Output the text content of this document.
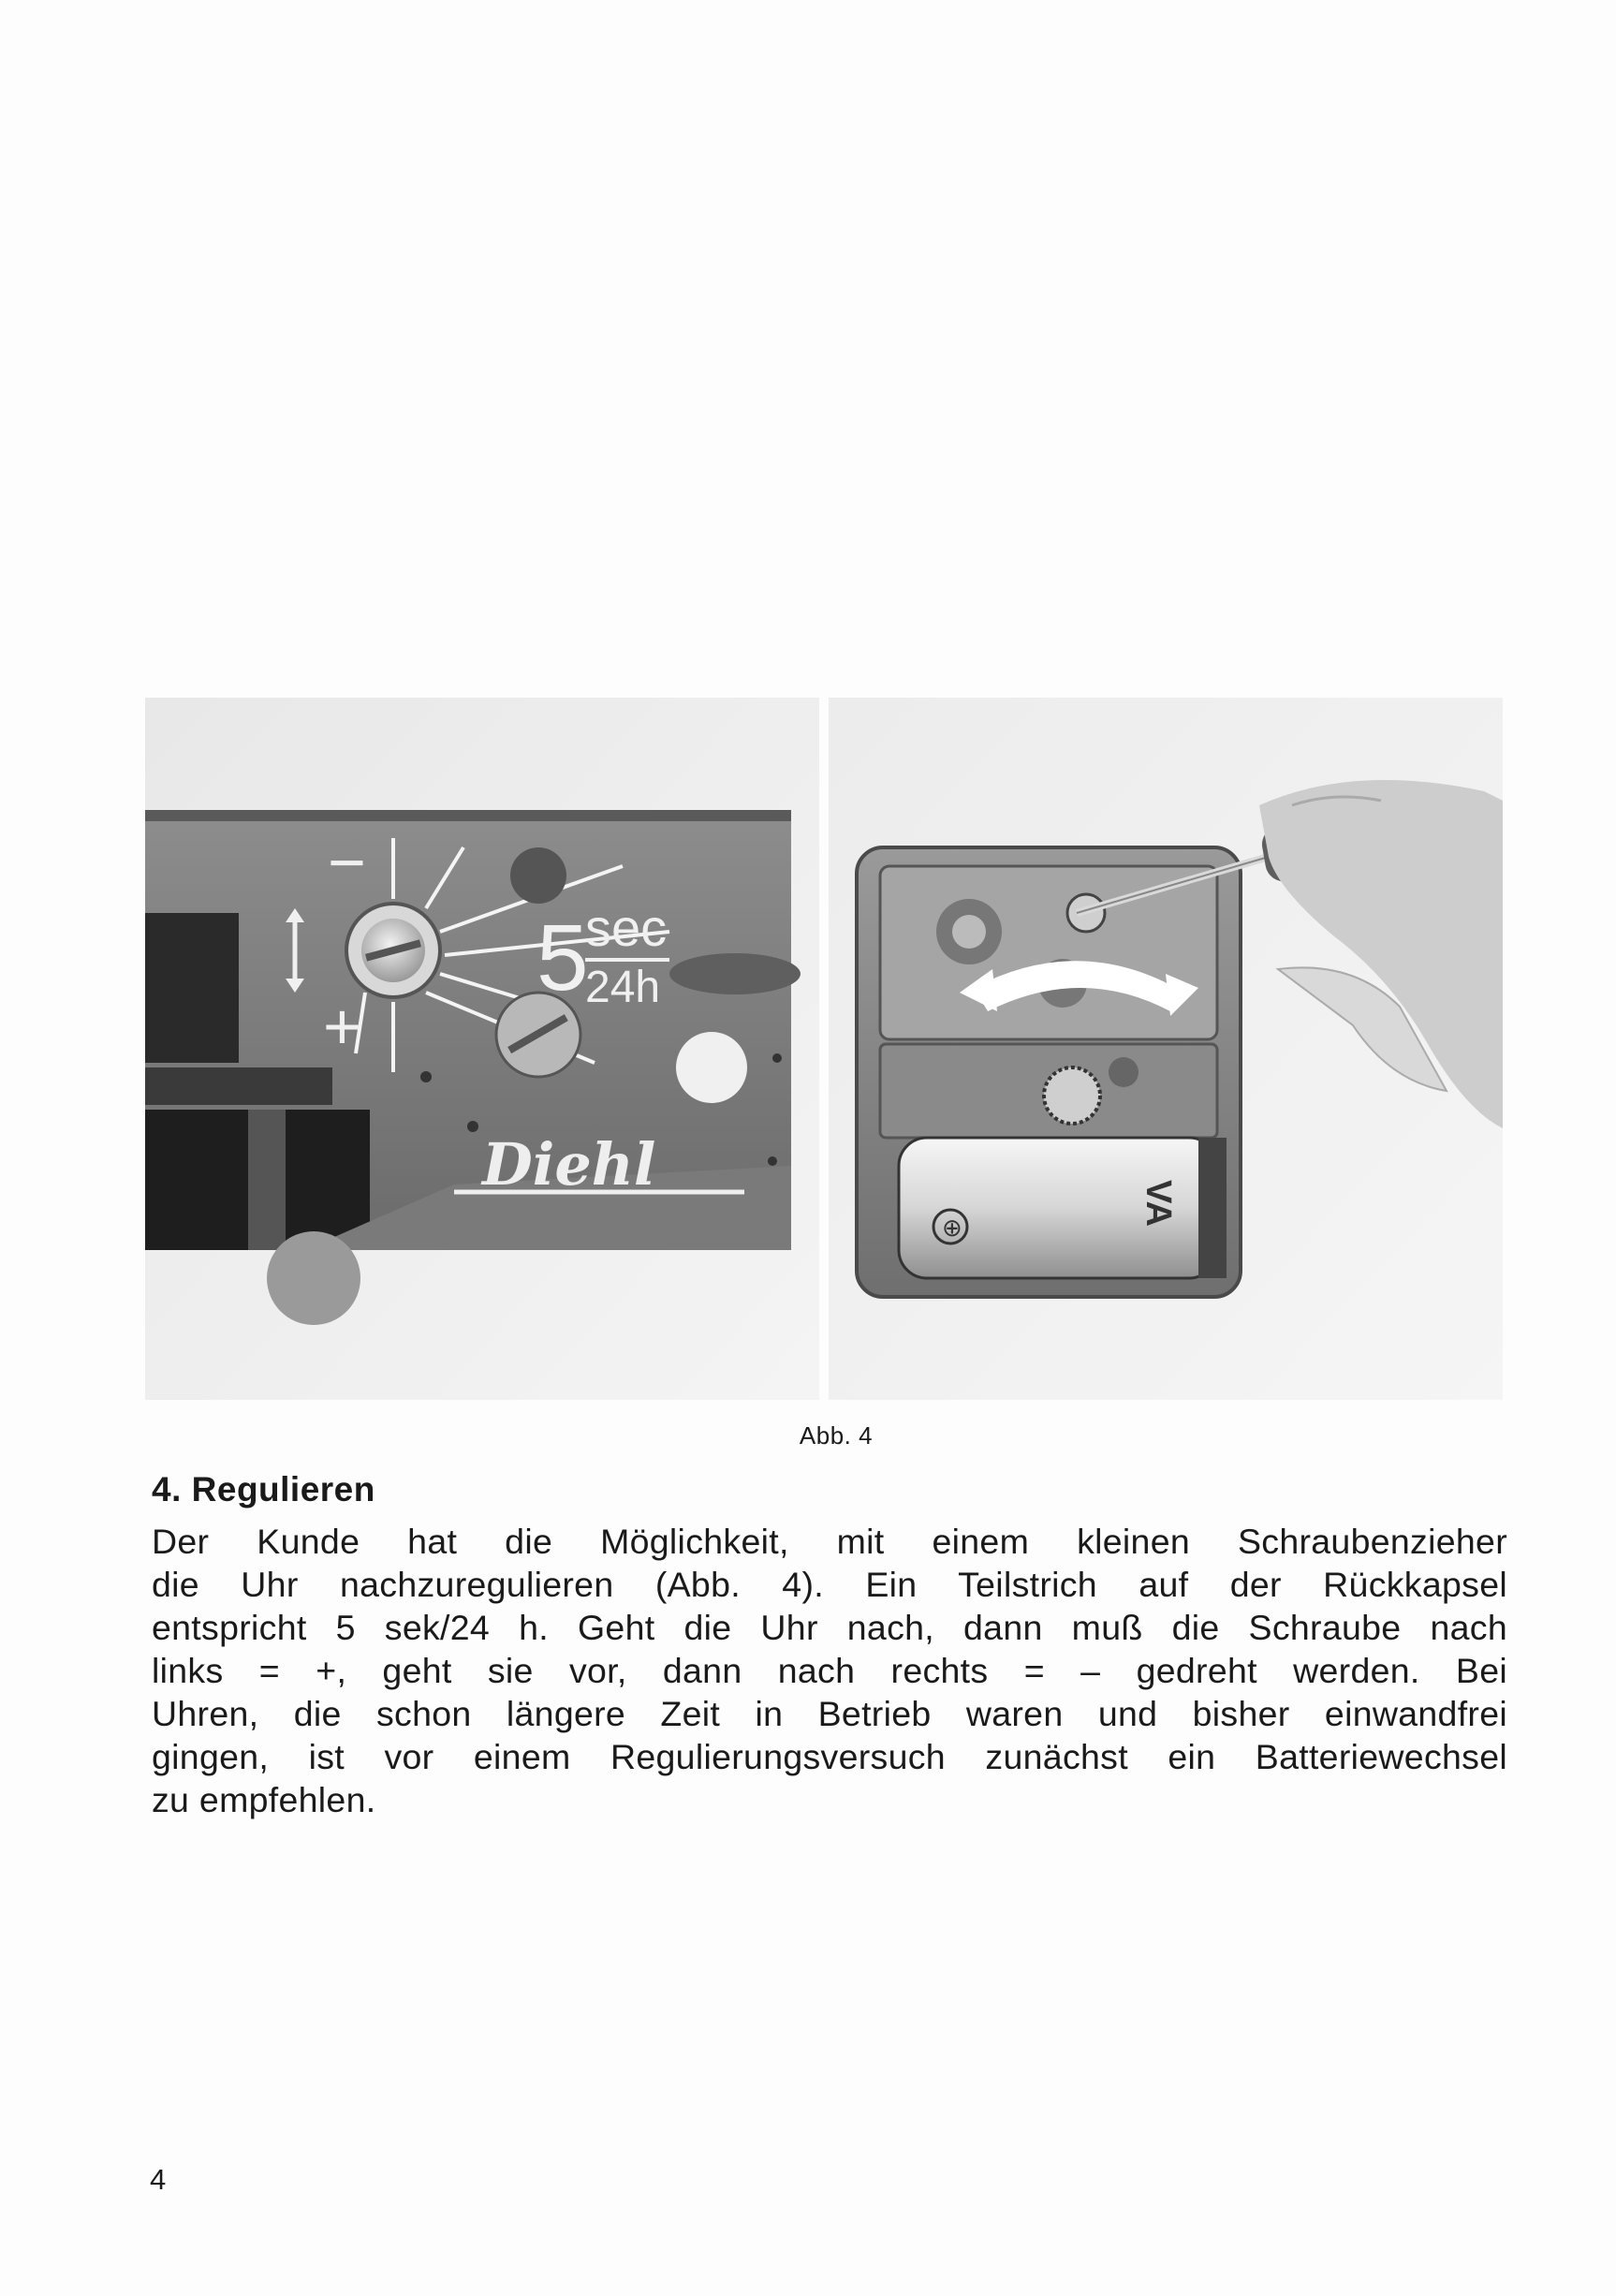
−
+
5
sec
24h
Diehl
⊕
VA
Abb. 4
4. Regulieren
Der Kunde hat die Möglichkeit, mit einem kleinen Schraubenzieher
die Uhr nachzuregulieren (Abb. 4). Ein Teilstrich auf der Rückkapsel
entspricht 5 sek/24 h. Geht die Uhr nach, dann muß die Schraube nach
links = +, geht sie vor, dann nach rechts = – gedreht werden. Bei
Uhren, die schon längere Zeit in Betrieb waren und bisher einwandfrei
gingen, ist vor einem Regulierungsversuch zunächst ein Batteriewechsel
zu empfehlen.
4
